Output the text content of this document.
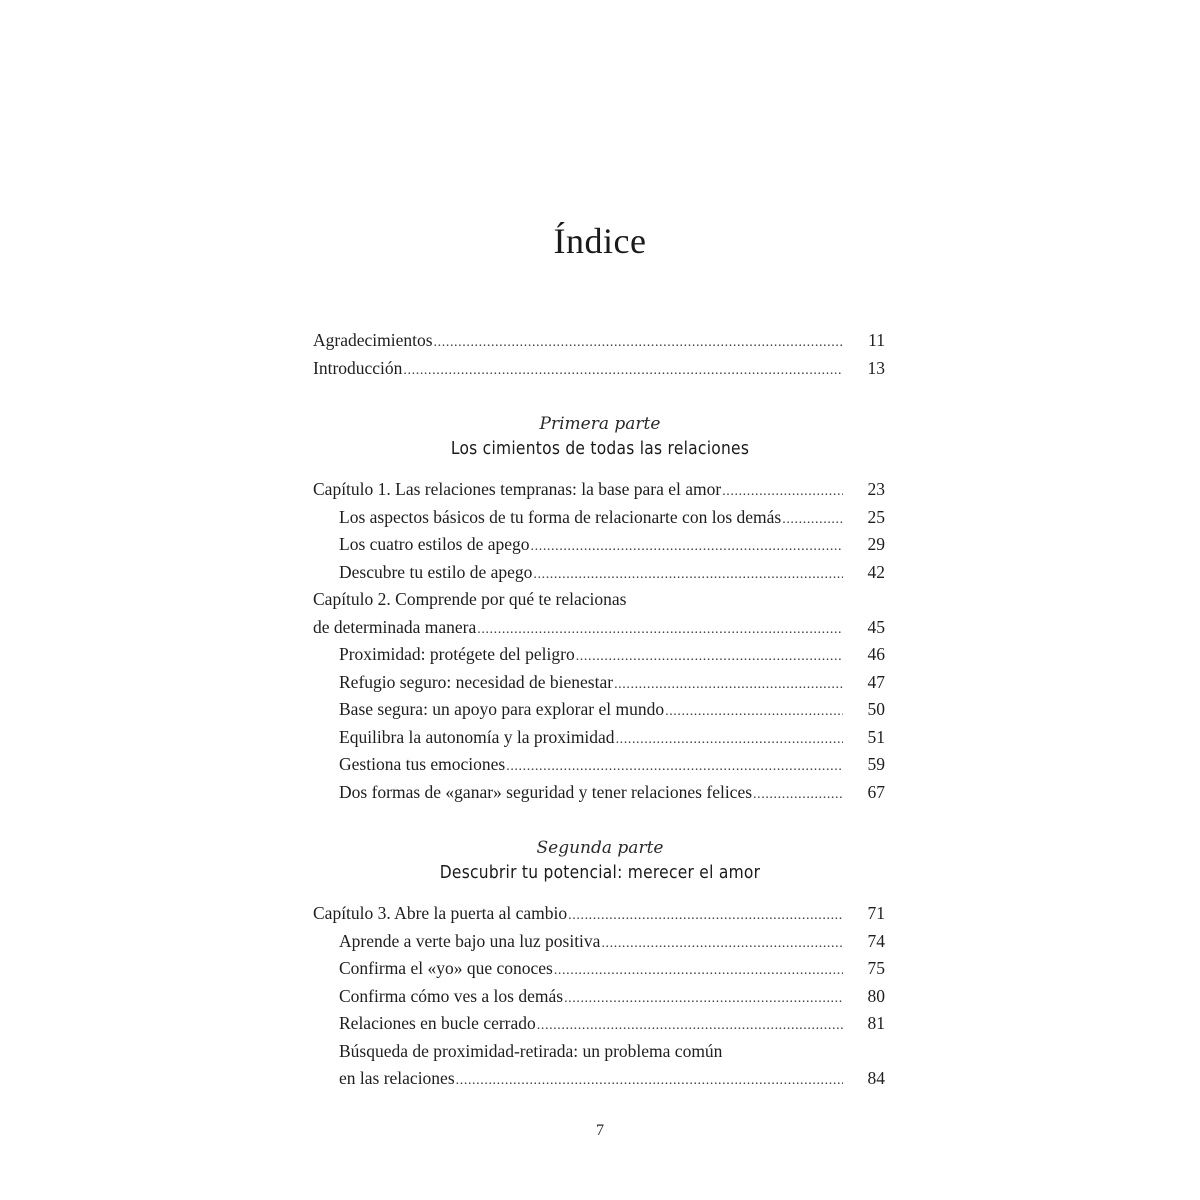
Índice
Agradecimientos .....	11
Introducción .....	13
Primera parte
Los cimientos de todas las relaciones
Capítulo 1. Las relaciones tempranas: la base para el amor .....	23
Los aspectos básicos de tu forma de relacionarte con los demás .....	25
Los cuatro estilos de apego .....	29
Descubre tu estilo de apego .....	42
Capítulo 2. Comprende por qué te relacionas
de determinada manera .....	45
Proximidad: protégete del peligro .....	46
Refugio seguro: necesidad de bienestar .....	47
Base segura: un apoyo para explorar el mundo .....	50
Equilibra la autonomía y la proximidad .....	51
Gestiona tus emociones .....	59
Dos formas de «ganar» seguridad y tener relaciones felices .....	67
Segunda parte
Descubrir tu potencial: merecer el amor
Capítulo 3. Abre la puerta al cambio .....	71
Aprende a verte bajo una luz positiva .....	74
Confirma el «yo» que conoces .....	75
Confirma cómo ves a los demás .....	80
Relaciones en bucle cerrado .....	81
Búsqueda de proximidad-retirada: un problema común
en las relaciones .....	84
7
